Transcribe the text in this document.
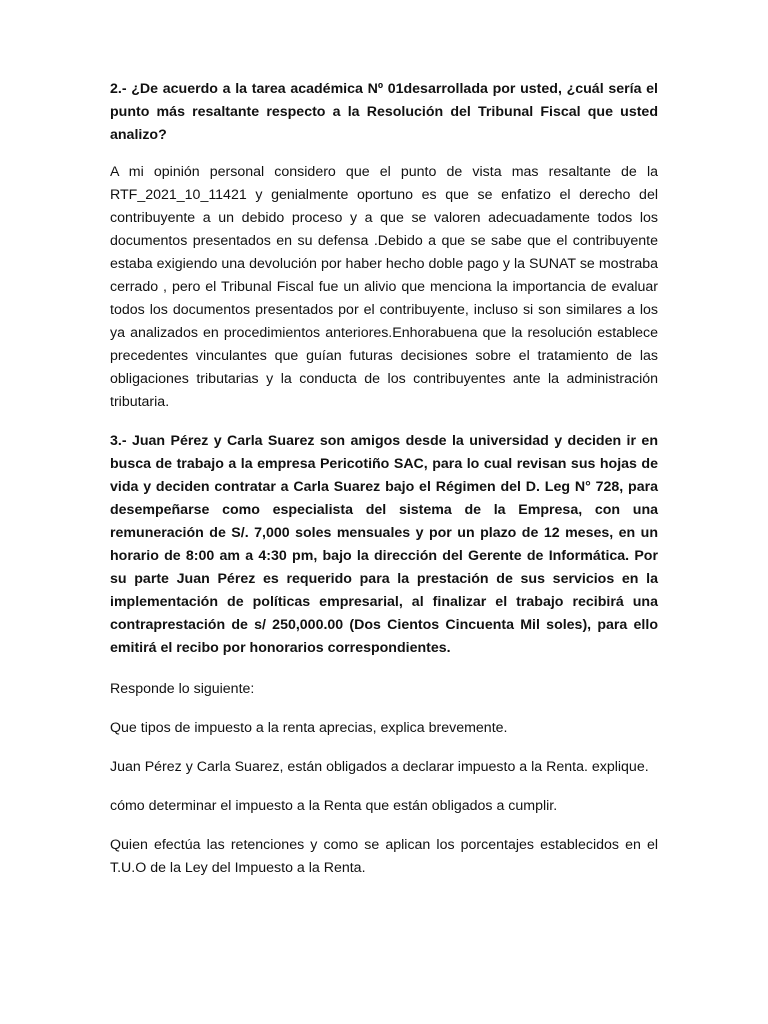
2.- ¿De acuerdo a la tarea académica Nº 01desarrollada por usted, ¿cuál sería el punto más resaltante respecto a la Resolución del Tribunal Fiscal que usted analizo?

A mi opinión personal considero que el punto de vista mas resaltante de la RTF_2021_10_11421 y genialmente oportuno es que se enfatizo el derecho del contribuyente a un debido proceso y a que se valoren adecuadamente todos los documentos presentados en su defensa .Debido a que se sabe que el contribuyente estaba exigiendo una devolución por haber hecho doble pago y la SUNAT se mostraba cerrado , pero el Tribunal Fiscal fue un alivio que menciona la importancia de evaluar todos los documentos presentados por el contribuyente, incluso si son similares a los ya analizados en procedimientos anteriores.Enhorabuena que la resolución establece precedentes vinculantes que guían futuras decisiones sobre el tratamiento de las obligaciones tributarias y la conducta de los contribuyentes ante la administración tributaria.

3.- Juan Pérez y Carla Suarez son amigos desde la universidad y deciden ir en busca de trabajo a la empresa Pericotiño SAC, para lo cual revisan sus hojas de vida y deciden contratar a Carla Suarez bajo el Régimen del D. Leg N° 728, para desempeñarse como especialista del sistema de la Empresa, con una remuneración de S/. 7,000 soles mensuales y por un plazo de 12 meses, en un horario de 8:00 am a 4:30 pm, bajo la dirección del Gerente de Informática. Por su parte Juan Pérez es requerido para la prestación de sus servicios en la implementación de políticas empresarial, al finalizar el trabajo recibirá una contraprestación de s/ 250,000.00 (Dos Cientos Cincuenta Mil soles), para ello emitirá el recibo por honorarios correspondientes.

Responde lo siguiente:

Que tipos de impuesto a la renta aprecias, explica brevemente.

Juan Pérez y Carla Suarez, están obligados a declarar impuesto a la Renta. explique.

cómo determinar el impuesto a la Renta que están obligados a cumplir.

Quien efectúa las retenciones y como se aplican los porcentajes establecidos en el T.U.O de la Ley del Impuesto a la Renta.
